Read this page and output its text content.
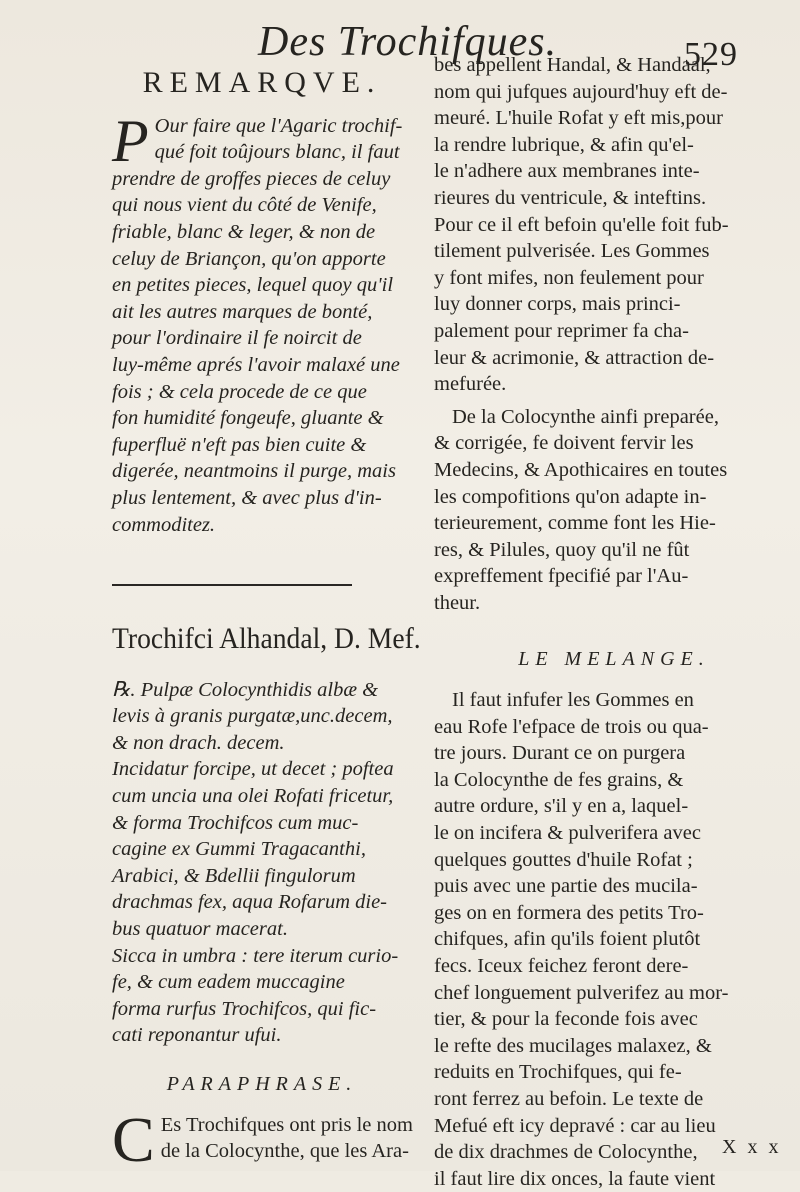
Des Trochifques.	529
REMARQVE.
P Our faire que l'Agaric trochif-
qué foit toûjours blanc, il faut
prendre de groffes pieces de celuy
qui nous vient du côté de Venife,
friable, blanc & leger, & non de
celuy de Briançon, qu'on apporte
en petites pieces, lequel quoy qu'il
ait les autres marques de bonté,
pour l'ordinaire il fe noircit de
luy-même aprés l'avoir malaxé une
fois ; & cela procede de ce que
fon humidité fongeufe, gluante &
fuperfluë n'eft pas bien cuite &
digerée, neantmoins il purge, mais
plus lentement, & avec plus d'in-
commoditez.
Trochifci Alhandal, D. Mef.
℞. Pulpæ Colocynthidis albæ &
levis à granis purgatæ,unc.decem,
& non drach. decem.
Incidatur forcipe, ut decet ; poftea
cum uncia una olei Rofati fricetur,
& forma Trochifcos cum muc-
cagine ex Gummi Tragacanthi,
Arabici, & Bdellii fingulorum
drachmas fex, aqua Rofarum die-
bus quatuor macerat.
Sicca in umbra : tere iterum curio-
fe, & cum eadem muccagine
forma rurfus Trochifcos, qui fic-
cati reponantur ufui.
PARAPHRASE.
C Es Trochifques ont pris le nom
de la Colocynthe, que les Ara-
bes appellent Handal, & Handaal,
nom qui jufques aujourd'huy eft de-
meuré. L'huile Rofat y eft mis,pour
la rendre lubrique, & afin qu'el-
le n'adhere aux membranes inte-
rieures du ventricule, & inteftins.
Pour ce il eft befoin qu'elle foit fub-
tilement pulverisée. Les Gommes
y font mifes, non feulement pour
luy donner corps, mais princi-
palement pour reprimer fa cha-
leur & acrimonie, & attraction de-
mefurée.
De la Colocynthe ainfi preparée,
& corrigée, fe doivent fervir les
Medecins, & Apothicaires en toutes
les compofitions qu'on adapte in-
terieurement, comme font les Hie-
res, & Pilules, quoy qu'il ne fût
expreffement fpecifié par l'Au-
theur.
LE MELANGE.
Il faut infufer les Gommes en
eau Rofe l'efpace de trois ou qua-
tre jours. Durant ce on purgera
la Colocynthe de fes grains, &
autre ordure, s'il y en a, laquel-
le on incifera & pulverifera avec
quelques gouttes d'huile Rofat ;
puis avec une partie des mucila-
ges on en formera des petits Tro-
chifques, afin qu'ils foient plutôt
fecs. Iceux feichez feront dere-
chef longuement pulverifez au mor-
tier, & pour la feconde fois avec
le refte des mucilages malaxez, &
reduits en Trochifques, qui fe-
ront ferrez au befoin. Le texte de
Mefué eft icy depravé : car au lieu
de dix drachmes de Colocynthe,
il faut lire dix onces, la faute vient
X x x
